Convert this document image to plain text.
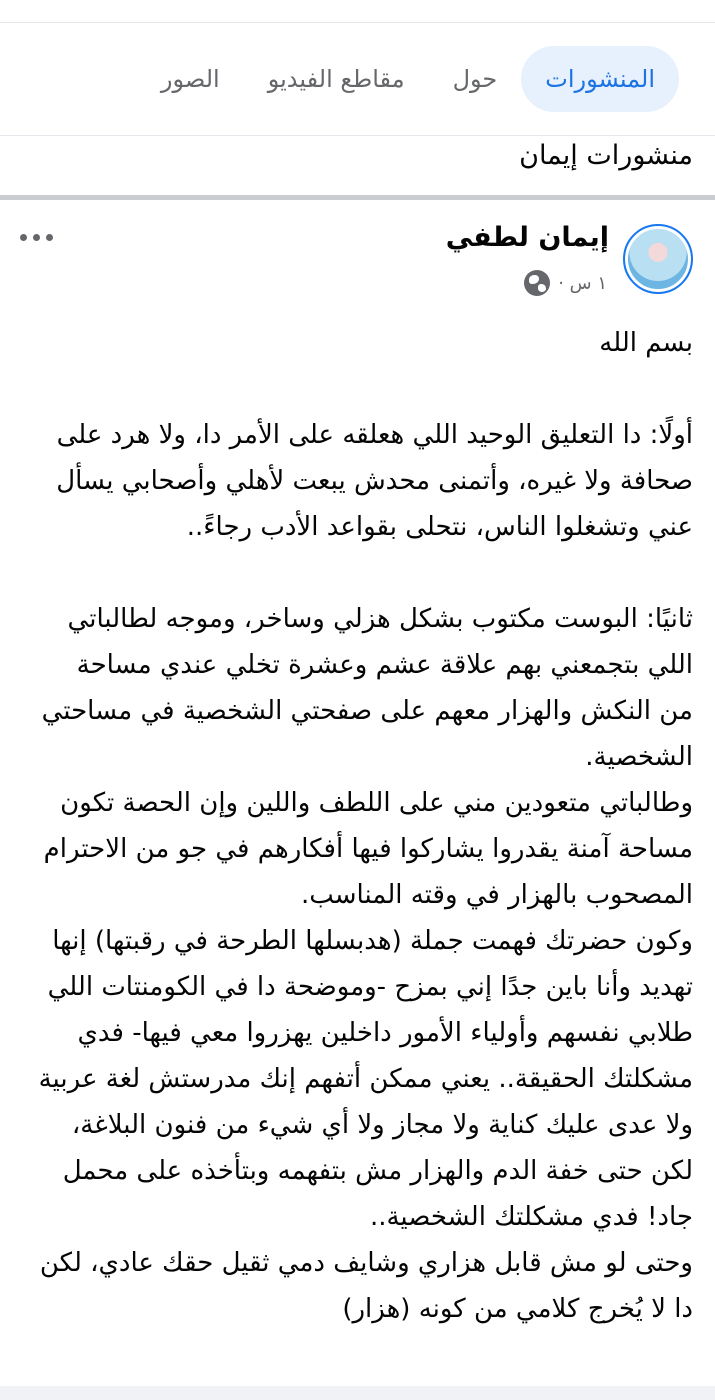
المنشورات
حول
مقاطع الفيديو
الصور
منشورات إيمان
إيمان لطفي
١ س ·

بسم الله

أولًا: دا التعليق الوحيد اللي هعلقه على الأمر دا، ولا هرد على صحافة ولا غيره، وأتمنى محدش يبعت لأهلي وأصحابي يسأل عني وتشغلوا الناس، نتحلى بقواعد الأدب رجاءً..

ثانيًا: البوست مكتوب بشكل هزلي وساخر، وموجه لطالباتي اللي بتجمعني بهم علاقة عشم وعشرة تخلي عندي مساحة من النكش والهزار معهم على صفحتي الشخصية في مساحتي الشخصية.

وطالباتي متعودين مني على اللطف واللين وإن الحصة تكون مساحة آمنة يقدروا يشاركوا فيها أفكارهم في جو من الاحترام المصحوب بالهزار في وقته المناسب.

وكون حضرتك فهمت جملة (هدبسلها الطرحة في رقبتها) إنها تهديد وأنا باين جدًا إني بمزح -وموضحة دا في الكومنتات اللي طلابي نفسهم وأولياء الأمور داخلين يهزروا معي فيها- فدي مشكلتك الحقيقة.. يعني ممكن أتفهم إنك مدرستش لغة عربية ولا عدى عليك كناية ولا مجاز ولا أي شيء من فنون البلاغة، لكن حتى خفة الدم والهزار مش بتفهمه وبتأخذه على محمل جاد! فدي مشكلتك الشخصية..

وحتى لو مش قابل هزاري وشايف دمي ثقيل حقك عادي، لكن دا لا يُخرج كلامي من كونه (هزار)
